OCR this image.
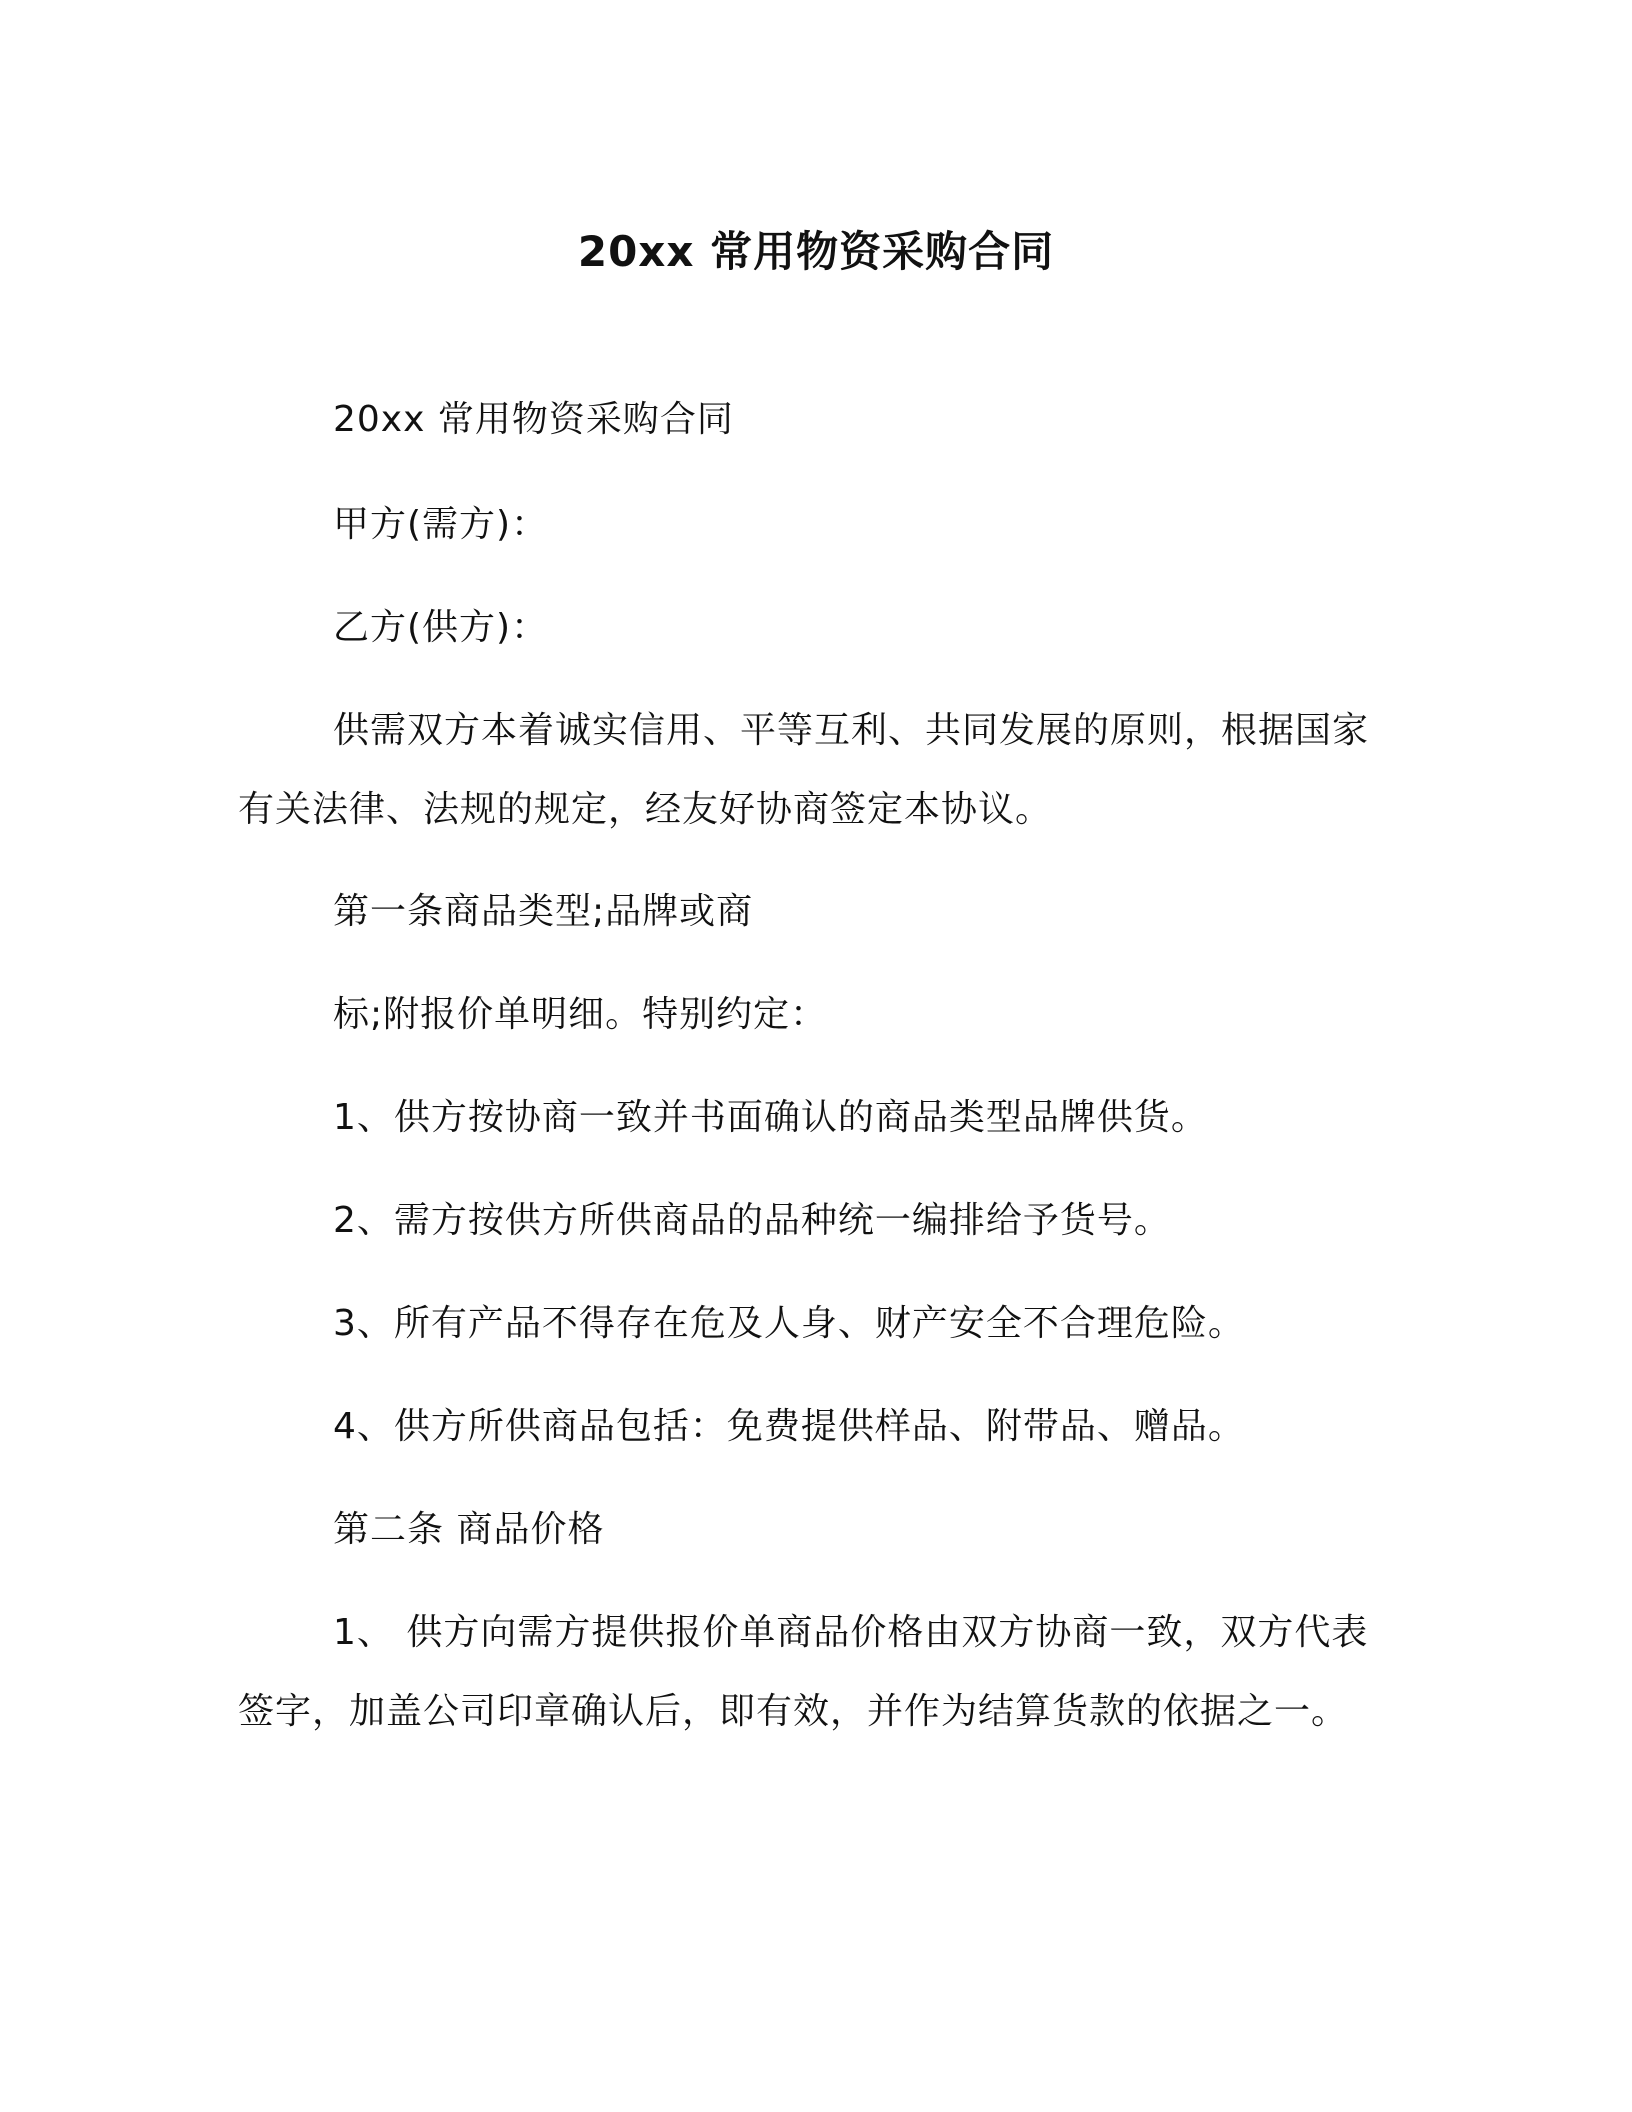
20xx 常用物资采购合同
20xx 常用物资采购合同
甲方(需方)：
乙方(供方)：
供需双方本着诚实信用、平等互利、共同发展的原则，根据国家
有关法律、法规的规定，经友好协商签定本协议。
第一条商品类型;品牌或商
标;附报价单明细。特别约定：
1、供方按协商一致并书面确认的商品类型品牌供货。
2、需方按供方所供商品的品种统一编排给予货号。
3、所有产品不得存在危及人身、财产安全不合理危险。
4、供方所供商品包括：免费提供样品、附带品、赠品。
第二条 商品价格
1、 供方向需方提供报价单商品价格由双方协商一致，双方代表
签字，加盖公司印章确认后，即有效，并作为结算货款的依据之一。
